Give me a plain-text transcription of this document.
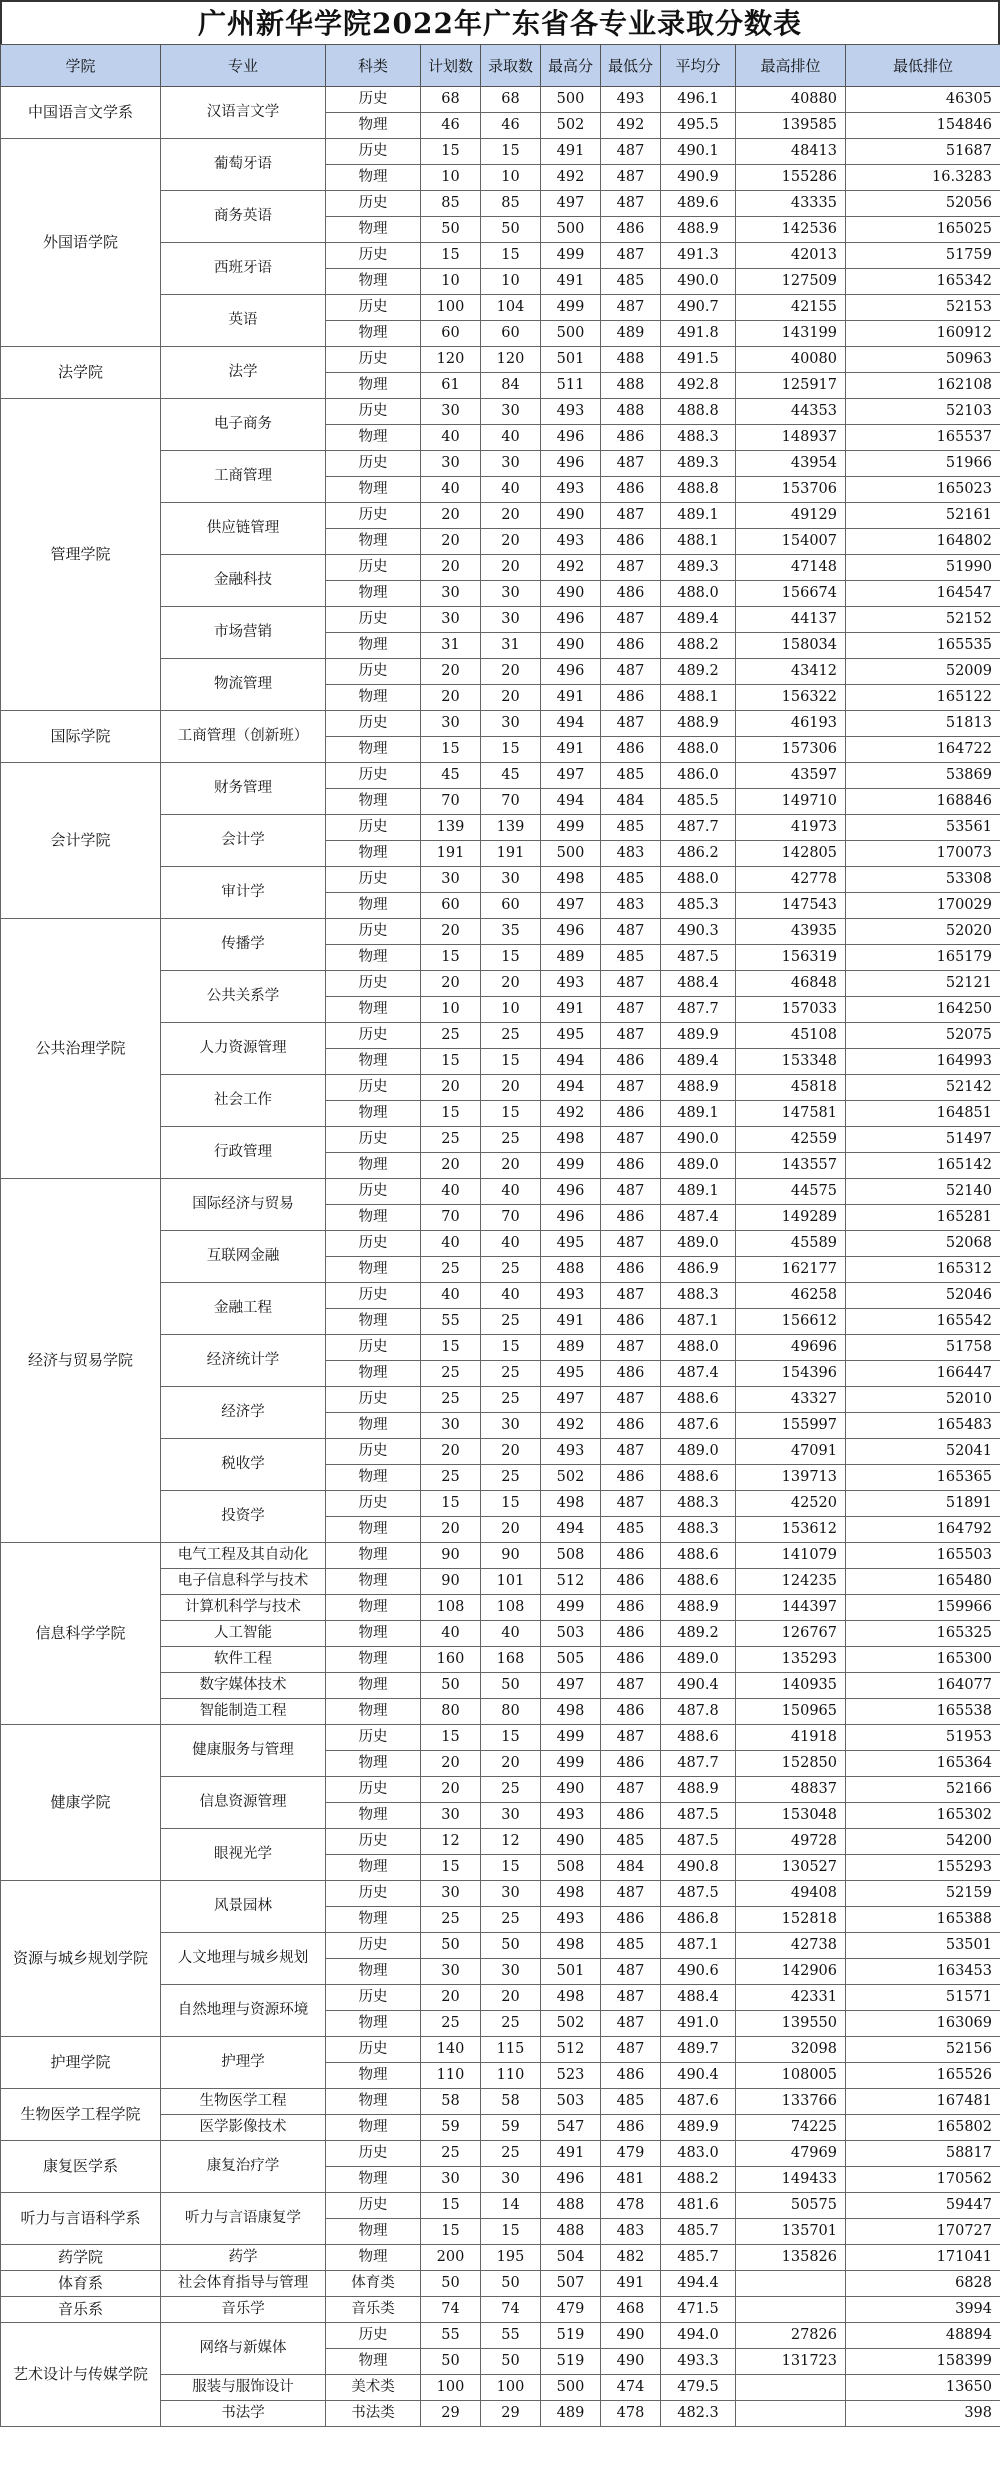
广州新华学院2022年广东省各专业录取分数表
学院	专业	科类	计划数	录取数	最高分	最低分	平均分	最高排位	最低排位
中国语言文学系	汉语言文学	历史	68	68	500	493	496.1	40880	46305
		物理	46	46	502	492	495.5	139585	154846
外国语学院	葡萄牙语	历史	15	15	491	487	490.1	48413	51687
		物理	10	10	492	487	490.9	155286	16.3283
	商务英语	历史	85	85	497	487	489.6	43335	52056
		物理	50	50	500	486	488.9	142536	165025
	西班牙语	历史	15	15	499	487	491.3	42013	51759
		物理	10	10	491	485	490.0	127509	165342
	英语	历史	100	104	499	487	490.7	42155	52153
		物理	60	60	500	489	491.8	143199	160912
法学院	法学	历史	120	120	501	488	491.5	40080	50963
		物理	61	84	511	488	492.8	125917	162108
管理学院	电子商务	历史	30	30	493	488	488.8	44353	52103
		物理	40	40	496	486	488.3	148937	165537
	工商管理	历史	30	30	496	487	489.3	43954	51966
		物理	40	40	493	486	488.8	153706	165023
	供应链管理	历史	20	20	490	487	489.1	49129	52161
		物理	20	20	493	486	488.1	154007	164802
	金融科技	历史	20	20	492	487	489.3	47148	51990
		物理	30	30	490	486	488.0	156674	164547
	市场营销	历史	30	30	496	487	489.4	44137	52152
		物理	31	31	490	486	488.2	158034	165535
	物流管理	历史	20	20	496	487	489.2	43412	52009
		物理	20	20	491	486	488.1	156322	165122
国际学院	工商管理（创新班）	历史	30	30	494	487	488.9	46193	51813
		物理	15	15	491	486	488.0	157306	164722
会计学院	财务管理	历史	45	45	497	485	486.0	43597	53869
		物理	70	70	494	484	485.5	149710	168846
	会计学	历史	139	139	499	485	487.7	41973	53561
		物理	191	191	500	483	486.2	142805	170073
	审计学	历史	30	30	498	485	488.0	42778	53308
		物理	60	60	497	483	485.3	147543	170029
公共治理学院	传播学	历史	20	35	496	487	490.3	43935	52020
		物理	15	15	489	485	487.5	156319	165179
	公共关系学	历史	20	20	493	487	488.4	46848	52121
		物理	10	10	491	487	487.7	157033	164250
	人力资源管理	历史	25	25	495	487	489.9	45108	52075
		物理	15	15	494	486	489.4	153348	164993
	社会工作	历史	20	20	494	487	488.9	45818	52142
		物理	15	15	492	486	489.1	147581	164851
	行政管理	历史	25	25	498	487	490.0	42559	51497
		物理	20	20	499	486	489.0	143557	165142
经济与贸易学院	国际经济与贸易	历史	40	40	496	487	489.1	44575	52140
		物理	70	70	496	486	487.4	149289	165281
	互联网金融	历史	40	40	495	487	489.0	45589	52068
		物理	25	25	488	486	486.9	162177	165312
	金融工程	历史	40	40	493	487	488.3	46258	52046
		物理	55	25	491	486	487.1	156612	165542
	经济统计学	历史	15	15	489	487	488.0	49696	51758
		物理	25	25	495	486	487.4	154396	166447
	经济学	历史	25	25	497	487	488.6	43327	52010
		物理	30	30	492	486	487.6	155997	165483
	税收学	历史	20	20	493	487	489.0	47091	52041
		物理	25	25	502	486	488.6	139713	165365
	投资学	历史	15	15	498	487	488.3	42520	51891
		物理	20	20	494	485	488.3	153612	164792
信息科学学院	电气工程及其自动化	物理	90	90	508	486	488.6	141079	165503
	电子信息科学与技术	物理	90	101	512	486	488.6	124235	165480
	计算机科学与技术	物理	108	108	499	486	488.9	144397	159966
	人工智能	物理	40	40	503	486	489.2	126767	165325
	软件工程	物理	160	168	505	486	489.0	135293	165300
	数字媒体技术	物理	50	50	497	487	490.4	140935	164077
	智能制造工程	物理	80	80	498	486	487.8	150965	165538
健康学院	健康服务与管理	历史	15	15	499	487	488.6	41918	51953
		物理	20	20	499	486	487.7	152850	165364
	信息资源管理	历史	20	25	490	487	488.9	48837	52166
		物理	30	30	493	486	487.5	153048	165302
	眼视光学	历史	12	12	490	485	487.5	49728	54200
		物理	15	15	508	484	490.8	130527	155293
资源与城乡规划学院	风景园林	历史	30	30	498	487	487.5	49408	52159
		物理	25	25	493	486	486.8	152818	165388
	人文地理与城乡规划	历史	50	50	498	485	487.1	42738	53501
		物理	30	30	501	487	490.6	142906	163453
	自然地理与资源环境	历史	20	20	498	487	488.4	42331	51571
		物理	25	25	502	487	491.0	139550	163069
护理学院	护理学	历史	140	115	512	487	489.7	32098	52156
		物理	110	110	523	486	490.4	108005	165526
生物医学工程学院	生物医学工程	物理	58	58	503	485	487.6	133766	167481
	医学影像技术	物理	59	59	547	486	489.9	74225	165802
康复医学系	康复治疗学	历史	25	25	491	479	483.0	47969	58817
		物理	30	30	496	481	488.2	149433	170562
听力与言语科学系	听力与言语康复学	历史	15	14	488	478	481.6	50575	59447
		物理	15	15	488	483	485.7	135701	170727
药学院	药学	物理	200	195	504	482	485.7	135826	171041
体育系	社会体育指导与管理	体育类	50	50	507	491	494.4		6828
音乐系	音乐学	音乐类	74	74	479	468	471.5		3994
艺术设计与传媒学院	网络与新媒体	历史	55	55	519	490	494.0	27826	48894
		物理	50	50	519	490	493.3	131723	158399
	服装与服饰设计	美术类	100	100	500	474	479.5		13650
	书法学	书法类	29	29	489	478	482.3		398
